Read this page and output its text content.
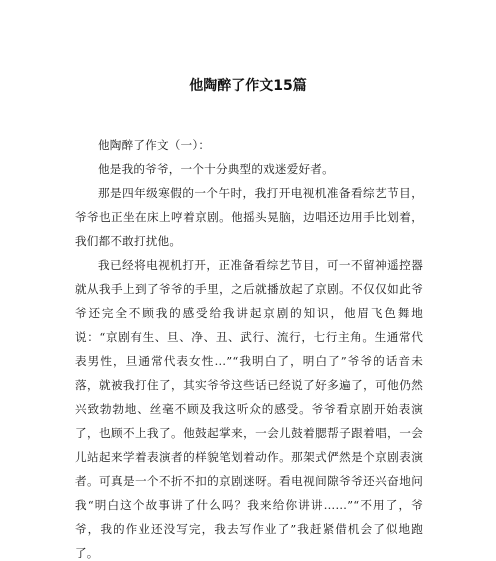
他陶醉了作文15篇

他陶醉了作文（一）：

他是我的爷爷，一个十分典型的戏迷爱好者。

那是四年级寒假的一个午时，我打开电视机准备看综艺节目，爷爷也正坐在床上哼着京剧。他摇头晃脑，边唱还边用手比划着，我们都不敢打扰他。

我已经将电视机打开，正准备看综艺节目，可一不留神遥控器就从我手上到了爷爷的手里，之后就播放起了京剧。不仅仅如此爷爷还完全不顾我的感受给我讲起京剧的知识，他眉飞色舞地说：“京剧有生、旦、净、丑、武行、流行，七行主角。生通常代表男性，旦通常代表女性…”“我明白了，明白了”爷爷的话音未落，就被我打住了，其实爷爷这些话已经说了好多遍了，可他仍然兴致勃勃地、丝毫不顾及我这听众的感受。爷爷看京剧开始表演了，也顾不上我了。他鼓起掌来，一会儿鼓着腮帮子跟着唱，一会儿站起来学着表演者的样貌笔划着动作。那架式俨然是个京剧表演者。可真是一个不折不扣的京剧迷呀。看电视间隙爷爷还兴奋地问我“明白这个故事讲了什么吗？我来给你讲讲……”“不用了，爷爷，我的作业还没写完，我去写作业了”我赶紧借机会了似地跑了。
